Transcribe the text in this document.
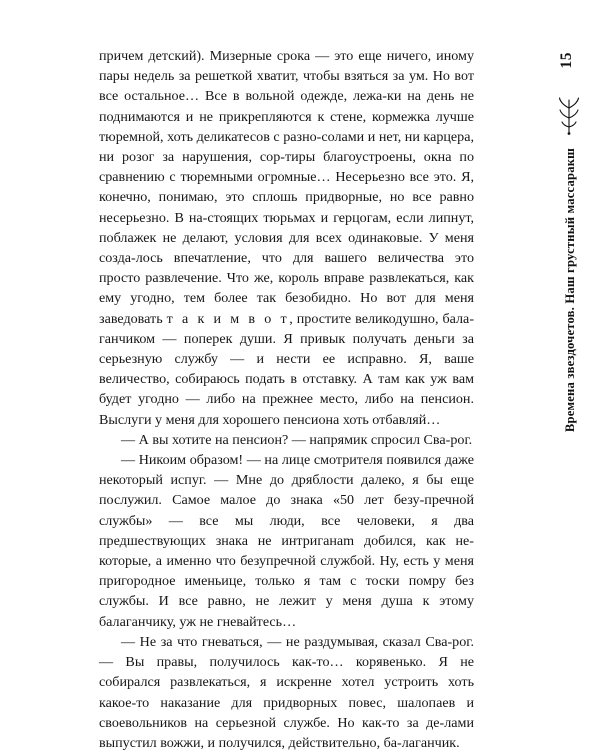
15
Времена звездочетов. Наш грустный массаракш

причем детский). Мизерные срока — это еще ничего, иному пары недель за решеткой хватит, чтобы взяться за ум. Но вот все остальное… Все в вольной одежде, лежа-ки на день не поднимаются и не прикрепляются к стене, кормежка лучше тюремной, хоть деликатесов с разно-солами и нет, ни карцера, ни розог за нарушения, сор-тиры благоустроены, окна по сравнению с тюремными огромные… Несерьезно все это. Я, конечно, понимаю, это сплошь придворные, но все равно несерьезно. В на-стоящих тюрьмах и герцогам, если липнут, поблажек не делают, условия для всех одинаковые. У меня созда-лось впечатление, что для вашего величества это просто развлечение. Что же, король вправе развлекаться, как ему угодно, тем более так безобидно. Но вот для меня заведовать т а к и м в о т, простите великодушно, бала-ганчиком — поперек души. Я привык получать деньги за серьезную службу — и нести ее исправно. Я, ваше величество, собираюсь подать в отставку. А там как уж вам будет угодно — либо на прежнее место, либо на пенсион. Выслуги у меня для хорошего пенсиона хоть отбавляй…

— А вы хотите на пенсион? — напрямик спросил Сва-рог.

— Никоим образом! — на лице смотрителя появился даже некоторый испуг. — Мне до дряблости далеко, я бы еще послужил. Самое малое до знака «50 лет безу-пречной службы» — все мы люди, все человеки, я два предшествующих знака не интриганam добился, как не-которые, а именно что безупречной службой. Ну, есть у меня пригородное именьице, только я там с тоски помру без службы. И все равно, не лежит у меня душа к этому балаганчику, уж не гневайтесь…

— Не за что гневаться, — не раздумывая, сказал Сва-рог. — Вы правы, получилось как-то… корявенько. Я не собирался развлекаться, я искренне хотел устроить хоть какое-то наказание для придворных повес, шалопаев и своевольников на серьезной службе. Но как-то за де-лами выпустил вожжи, и получился, действительно, ба-лаганчик.
